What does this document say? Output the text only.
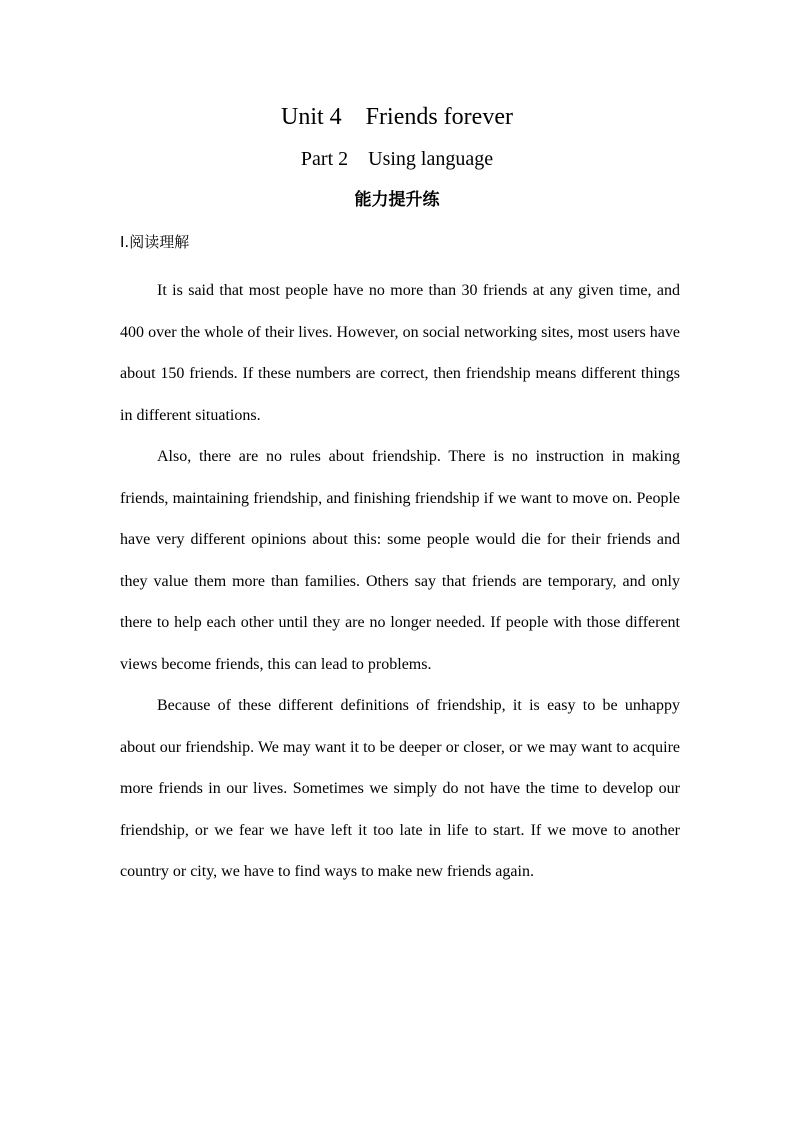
Unit 4    Friends forever
Part 2    Using language
能力提升练
Ⅰ.阅读理解

It is said that most people have no more than 30 friends at any given time, and 400 over the whole of their lives. However, on social networking sites, most users have about 150 friends. If these numbers are correct, then friendship means different things in different situations.

Also, there are no rules about friendship. There is no instruction in making friends, maintaining friendship, and finishing friendship if we want to move on. People have very different opinions about this: some people would die for their friends and they value them more than families. Others say that friends are temporary, and only there to help each other until they are no longer needed. If people with those different views become friends, this can lead to problems.

Because of these different definitions of friendship, it is easy to be unhappy about our friendship. We may want it to be deeper or closer, or we may want to acquire more friends in our lives. Sometimes we simply do not have the time to develop our friendship, or we fear we have left it too late in life to start. If we move to another country or city, we have to find ways to make new friends again.
